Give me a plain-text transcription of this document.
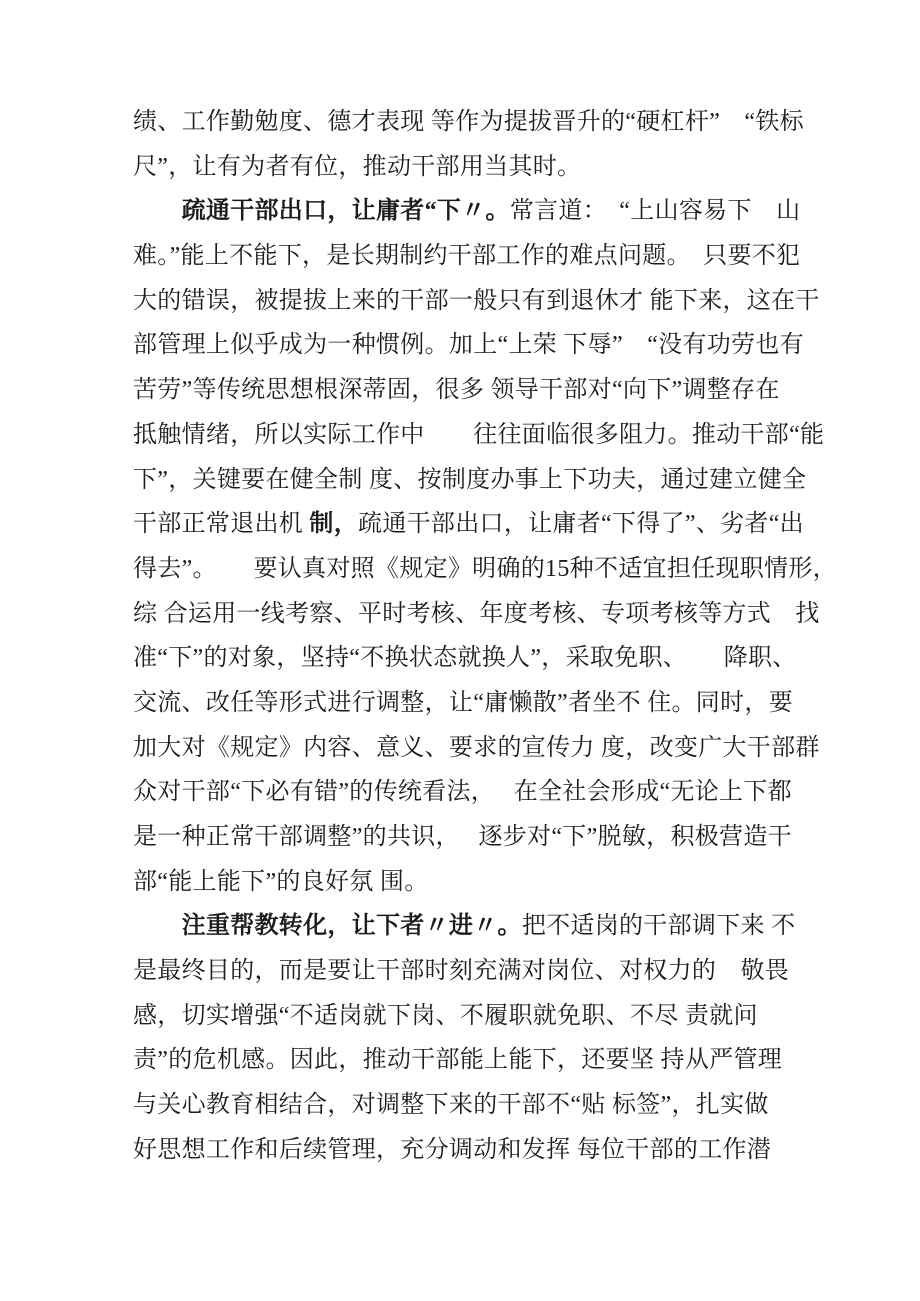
绩、工作勤勉度、德才表现 等作为提拔晋升的“硬杠杆”　“铁标
尺”，让有为者有位，推动干部用当其时。
　　疏通干部出口，让庸者“下〃。常言道：　“上山容易下　山
难。”能上不能下，是长期制约干部工作的难点问题。　只要不犯
大的错误，被提拔上来的干部一般只有到退休才 能下来，这在干
部管理上似乎成为一种惯例。加上“上荣 下辱”　“没有功劳也有
苦劳”等传统思想根深蒂固，很多 领导干部对“向下”调整存在
抵触情绪，所以实际工作中　　往往面临很多阻力。推动干部“能
下”，关键要在健全制 度、按制度办事上下功夫，通过建立健全
干部正常退出机 制，疏通干部出口，让庸者“下得了”、劣者“出
得去”。　　要认真对照《规定》明确的15种不适宜担任现职情形，
综 合运用一线考察、平时考核、年度考核、专项考核等方式　找
准“下”的对象，坚持“不换状态就换人”，采取免职、　　降职、
交流、改任等形式进行调整，让“庸懒散”者坐不 住。同时，要
加大对《规定》内容、意义、要求的宣传力 度，改变广大干部群
众对干部“下必有错”的传统看法，　 在全社会形成“无论上下都
是一种正常干部调整”的共识，　 逐步对“下”脱敏，积极营造干
部“能上能下”的良好氛 围。
　　注重帮教转化，让下者〃进〃。把不适岗的干部调下来 不
是最终目的，而是要让干部时刻充满对岗位、对权力的　敬畏
感，切实增强“不适岗就下岗、不履职就免职、不尽 责就问
责”的危机感。因此，推动干部能上能下，还要坚 持从严管理
与关心教育相结合，对调整下来的干部不“贴 标签”，扎实做
好思想工作和后续管理，充分调动和发挥 每位干部的工作潜
